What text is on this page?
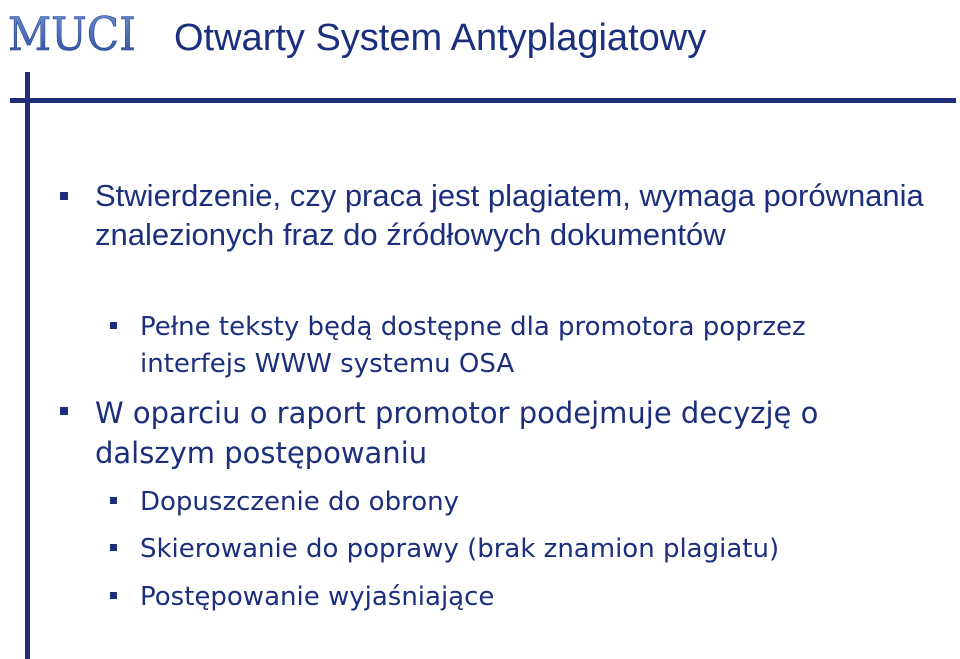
MUCI Otwarty System Antyplagiatowy

Stwierdzenie, czy praca jest plagiatem, wymaga porównania znalezionych fraz do źródłowych dokumentów

Pełne teksty będą dostępne dla promotora poprzez interfejs WWW systemu OSA

W oparciu o raport promotor podejmuje decyzję o dalszym postępowaniu

Dopuszczenie do obrony

Skierowanie do poprawy (brak znamion plagiatu)

Postępowanie wyjaśniające
